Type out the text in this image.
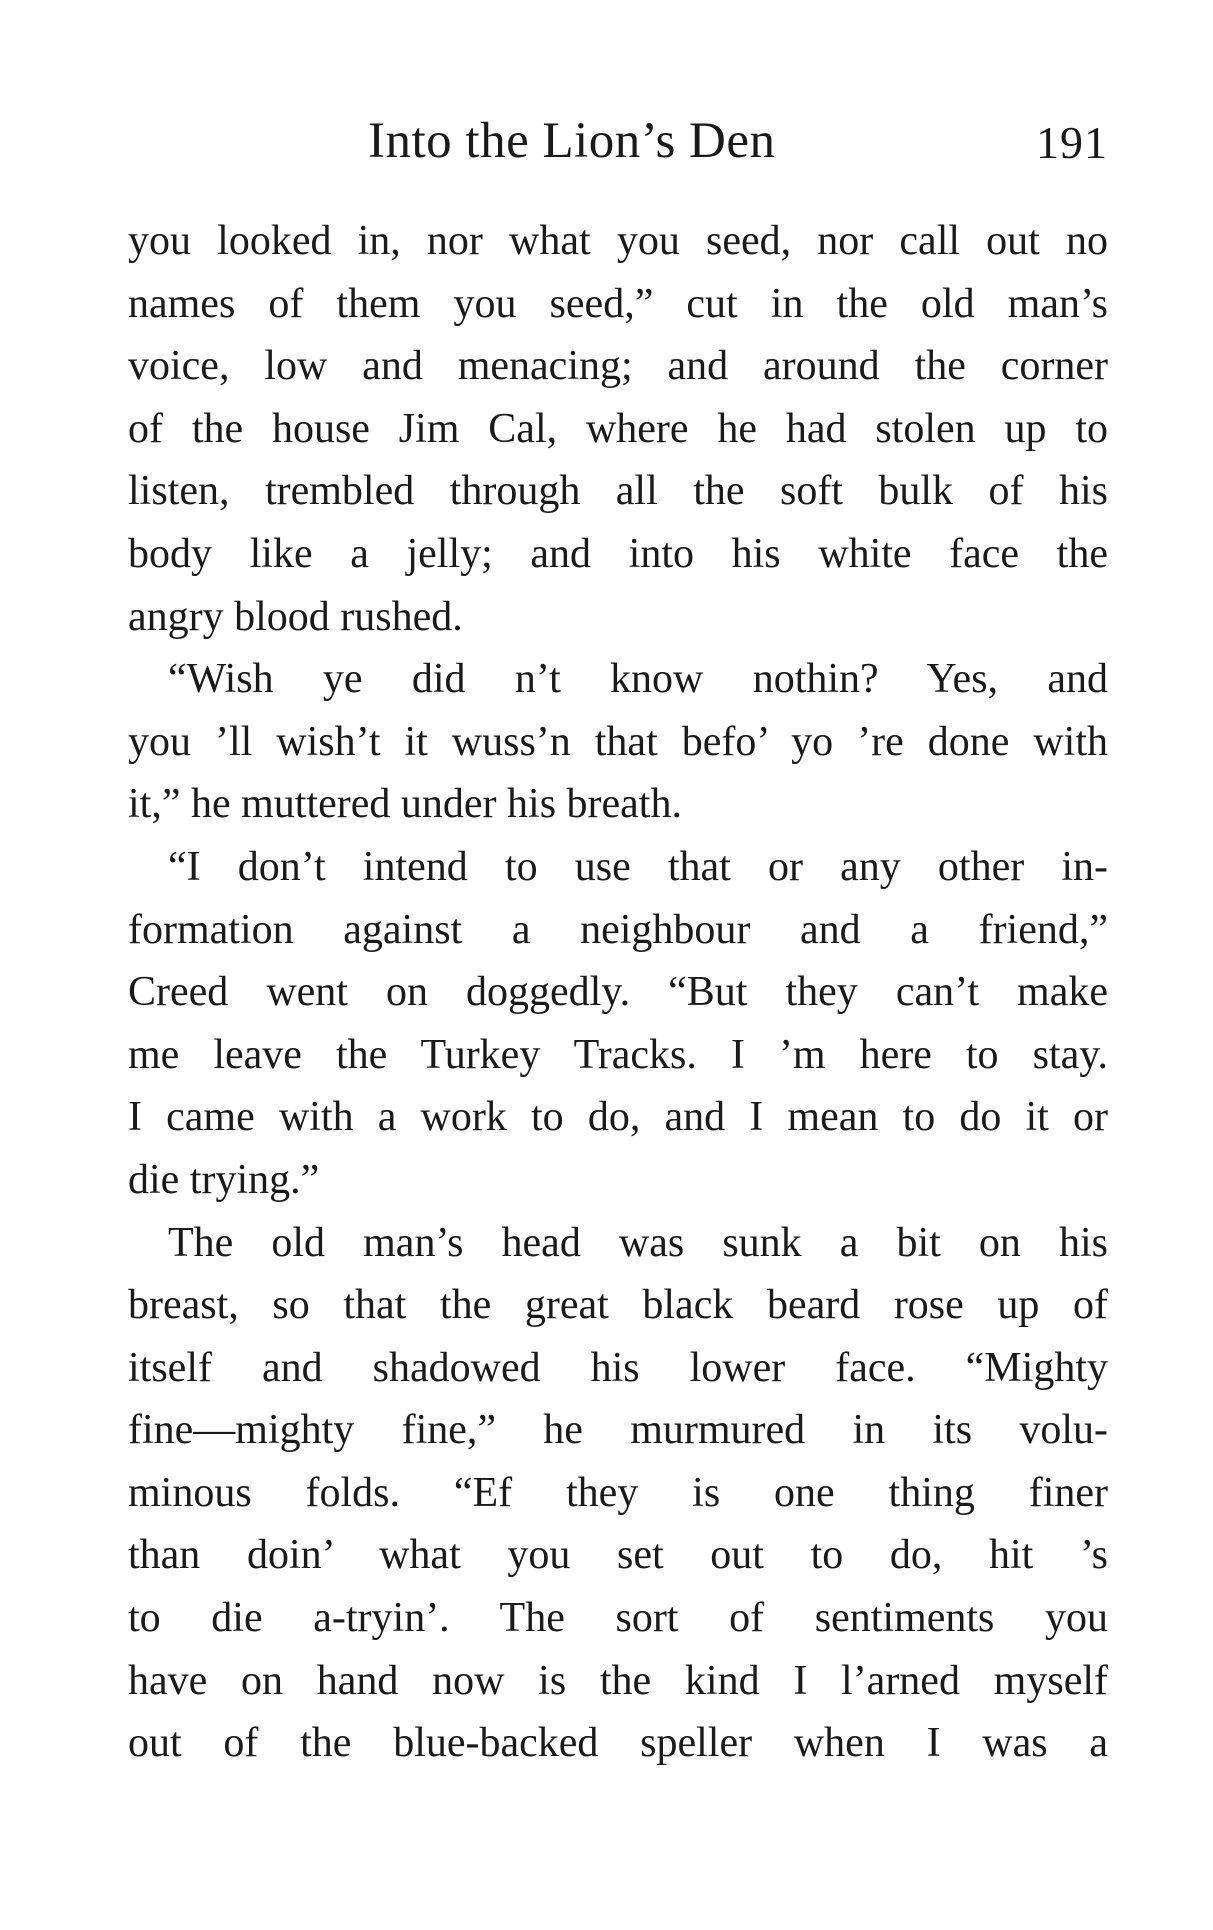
Into the Lion’s Den	191
you looked in, nor what you seed, nor call out no
names of them you seed,” cut in the old man’s
voice, low and menacing; and around the corner
of the house Jim Cal, where he had stolen up to
listen, trembled through all the soft bulk of his
body like a jelly; and into his white face the
angry blood rushed.
“Wish ye did n’t know nothin? Yes, and
you ’ll wish’t it wuss’n that befo’ yo ’re done with
it,” he muttered under his breath.
“I don’t intend to use that or any other in-
formation against a neighbour and a friend,”
Creed went on doggedly. “But they can’t make
me leave the Turkey Tracks. I ’m here to stay.
I came with a work to do, and I mean to do it or
die trying.”
The old man’s head was sunk a bit on his
breast, so that the great black beard rose up of
itself and shadowed his lower face. “Mighty
fine—mighty fine,” he murmured in its volu-
minous folds. “Ef they is one thing finer
than doin’ what you set out to do, hit ’s
to die a-tryin’. The sort of sentiments you
have on hand now is the kind I l’arned myself
out of the blue-backed speller when I was a
